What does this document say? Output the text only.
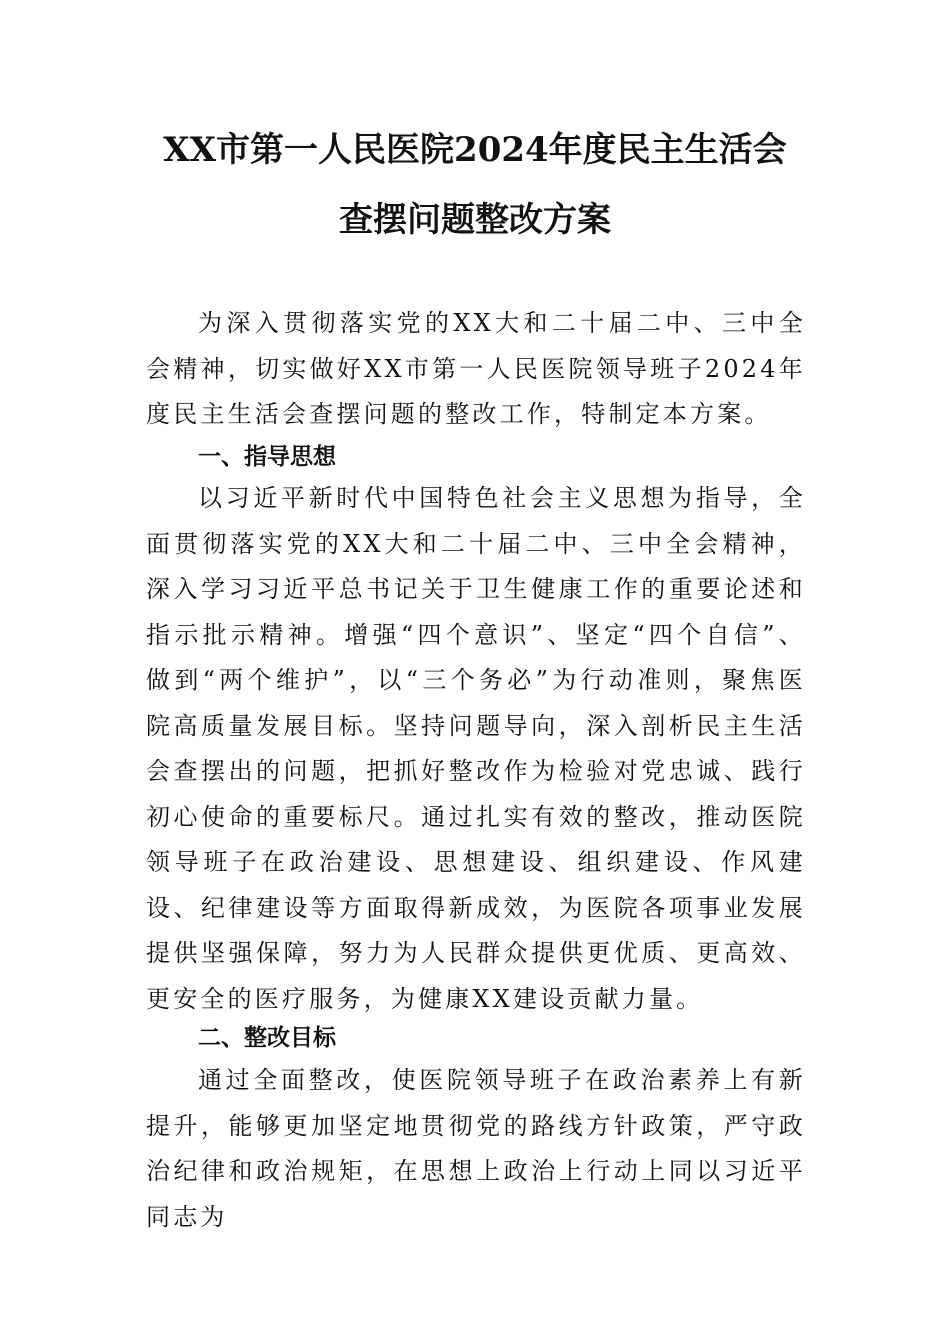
XX市第一人民医院2024年度民主生活会
查摆问题整改方案

为深入贯彻落实党的XX大和二十届二中、三中全会精神，切实做好XX市第一人民医院领导班子2024年度民主生活会查摆问题的整改工作，特制定本方案。

一、指导思想

以习近平新时代中国特色社会主义思想为指导，全面贯彻落实党的XX大和二十届二中、三中全会精神，深入学习习近平总书记关于卫生健康工作的重要论述和指示批示精神。增强“四个意识”、坚定“四个自信”、做到“两个维护”，以“三个务必”为行动准则，聚焦医院高质量发展目标。坚持问题导向，深入剖析民主生活会查摆出的问题，把抓好整改作为检验对党忠诚、践行初心使命的重要标尺。通过扎实有效的整改，推动医院领导班子在政治建设、思想建设、组织建设、作风建设、纪律建设等方面取得新成效，为医院各项事业发展提供坚强保障，努力为人民群众提供更优质、更高效、更安全的医疗服务，为健康XX建设贡献力量。

二、整改目标

通过全面整改，使医院领导班子在政治素养上有新提升，能够更加坚定地贯彻党的路线方针政策，严守政治纪律和政治规矩，在思想上政治上行动上同以习近平同志为
